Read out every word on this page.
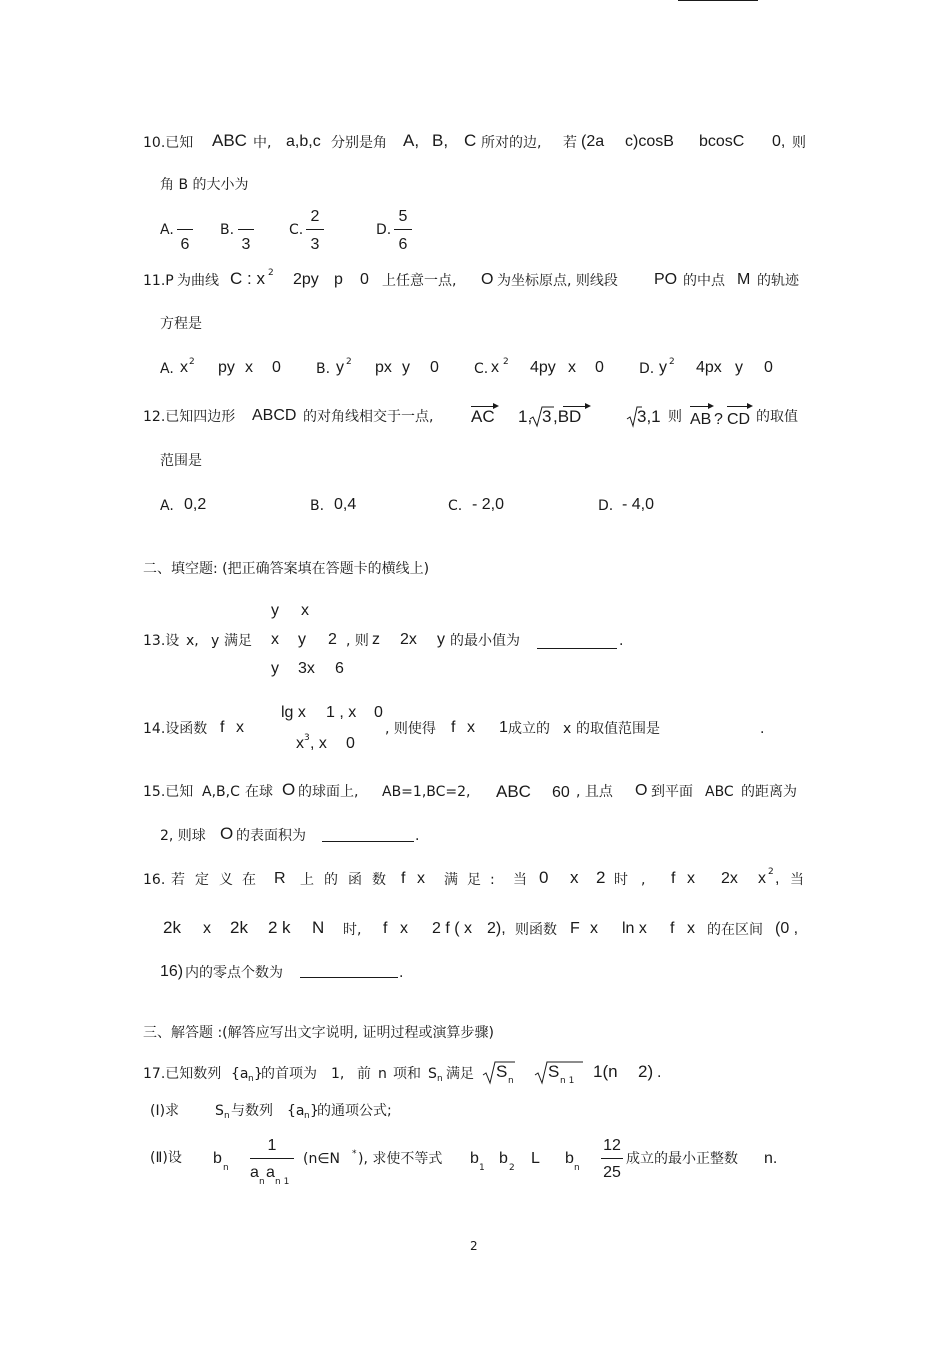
10.已知 ABC 中, a,b,c 分别是角 A, B, C 所对的边, 若 (2a c)cosB bcosC 0, 则
角 B 的大小为
A.
6
B.
3
C.
2
3
D.
5
6
11.P 为曲线 C : x 2 2py p 0 上任意一点, O 为坐标原点, 则线段 PO 的中点 M 的轨迹
方程是
A. x 2 py x 0	B. y 2 px y 0	C. x 2 4py x 0	D. y 2 4px y 0
12.已知四边形 ABCD 的对角线相交于一点, AC 1, 3 ,BD	3,1 则 AB ? CD 的取值
范围是
A. 0,2	B. 0,4	C. - 2,0	D. - 4,0
二、填空题: (把正确答案填在答题卡的横线上)
y x
x y 2
y 3x 6
13.设 x, y 满足	, 则 z 2x y 的最小值为	.
lg x 1 , x 0
x 3 , x 0
14.设函数 f x	, 则使得 f x 1 成立的 x 的取值范围是	.
15.已知 A,B,C 在球 O 的球面上, AB=1,BC=2, ABC 60 , 且点 O 到平面 ABC 的距离为
2, 则球 O 的表面积为	.
16. 若 定 义 在 R 上 的 函 数 f x 满 足 : 当 0 x 2 时 , f x 2x x 2 , 当
2k x 2k 2 k N 时, f x 2 f ( x 2), 则函数 F x ln x f x 的在区间 (0 ,
16) 内的零点个数为	.
三、解答题 :(解答应写出文字说明, 证明过程或演算步骤)
17.已知数列 {a n }
的首项为 1, 前 n 项和 S n 满足 S n S n 1 1(n 2) .
(Ⅰ)求	S n 与数列 {a n }
的通项公式;
(Ⅱ)设 b
n
1
a
n
a
n 1
(n∈N * ), 求使不等式 b
1
b
2
L b
n
12
25
成立的最小正整数 n.
2
